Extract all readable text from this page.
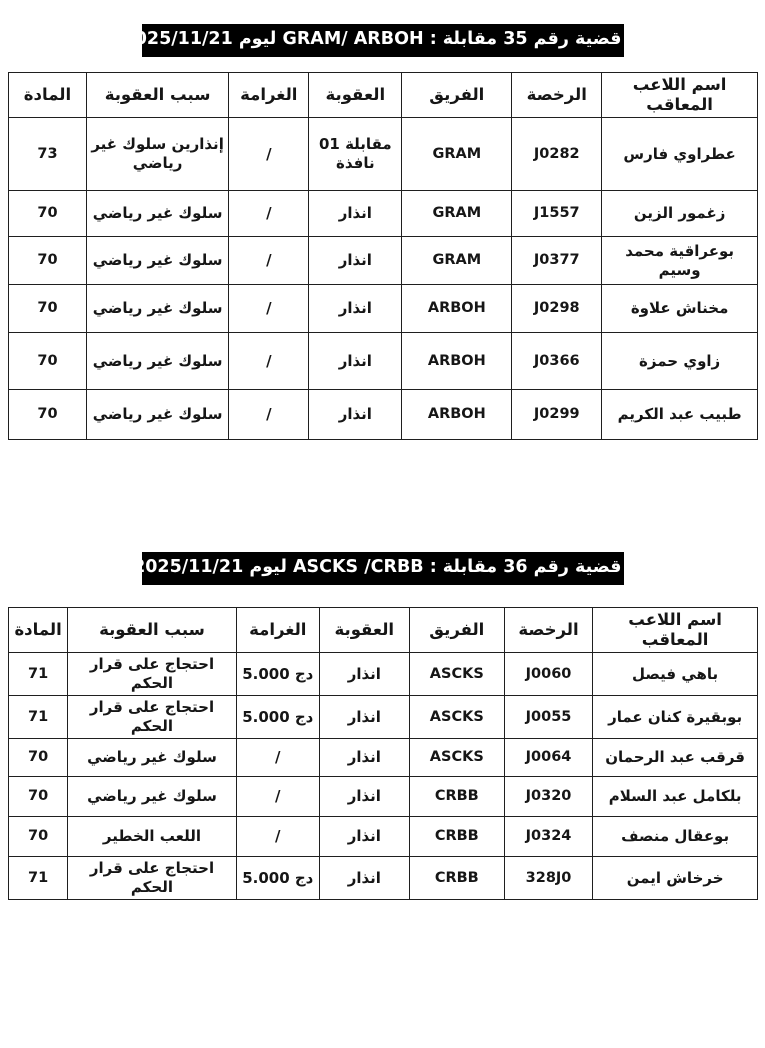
قضية رقم 35 مقابلة : GRAM/ ARBOH ليوم 2025/11/21
اسم اللاعب المعاقب	الرخصة	الفريق	العقوبة	الغرامة	سبب العقوبة	المادة
عطراوي فارس	J0282	GRAM	01 مقابلة نافذة	/	إنذارين سلوك غير رياضي	73
زغمور الزين	J1557	GRAM	انذار	/	سلوك غير رياضي	70
بوعراقية محمد وسيم	J0377	GRAM	انذار	/	سلوك غير رياضي	70
مخناش علاوة	J0298	ARBOH	انذار	/	سلوك غير رياضي	70
زاوي حمزة	J0366	ARBOH	انذار	/	سلوك غير رياضي	70
طبيب عبد الكريم	J0299	ARBOH	انذار	/	سلوك غير رياضي	70
قضية رقم 36 مقابلة : ASCKS /CRBB ليوم 2025/11/21
اسم اللاعب المعاقب	الرخصة	الفريق	العقوبة	الغرامة	سبب العقوبة	المادة
باهي فيصل	J0060	ASCKS	انذار	5.000 دج	احتجاج على قرار الحكم	71
بوبقيرة كنان عمار	J0055	ASCKS	انذار	5.000 دج	احتجاج على قرار الحكم	71
قرقب عبد الرحمان	J0064	ASCKS	انذار	/	سلوك غير رياضي	70
بلكامل عبد السلام	J0320	CRBB	انذار	/	سلوك غير رياضي	70
بوعقال منصف	J0324	CRBB	انذار	/	اللعب الخطير	70
خرخاش ايمن	328J0	CRBB	انذار	5.000 دج	احتجاج على قرار الحكم	71
